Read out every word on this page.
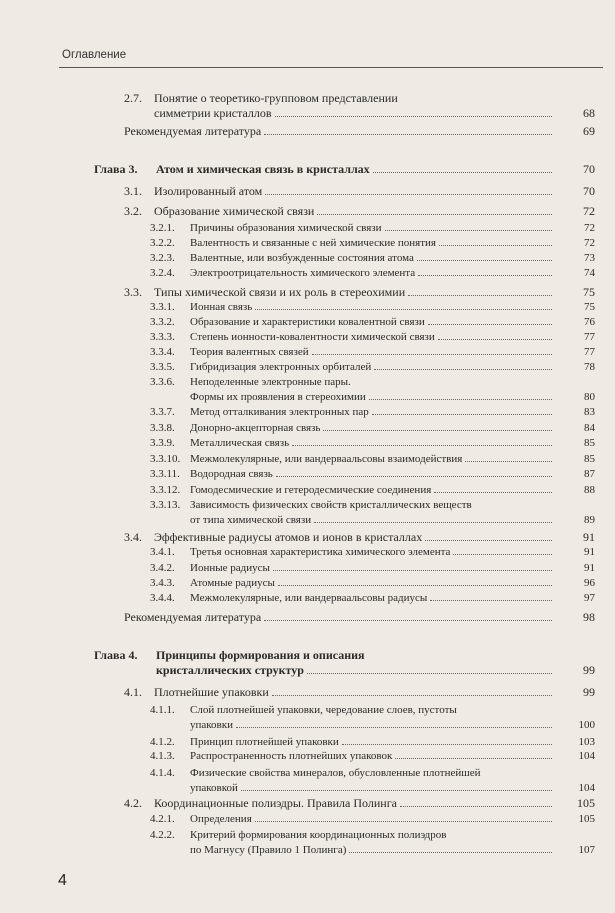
Оглавление
2.7. Понятие о теоретико-групповом представлении
симметрии кристаллов	68
Рекомендуемая литература	69
Глава 3. Атом и химическая связь в кристаллах	70
3.1. Изолированный атом	70
3.2. Образование химической связи	72
3.2.1. Причины образования химической связи	72
3.2.2. Валентность и связанные с ней химические понятия	72
3.2.3. Валентные, или возбужденные состояния атома	73
3.2.4. Электроотрицательность химического элемента	74
3.3. Типы химической связи и их роль в стереохимии	75
3.3.1. Ионная связь	75
3.3.2. Образование и характеристики ковалентной связи	76
3.3.3. Степень ионности-ковалентности химической связи	77
3.3.4. Теория валентных связей	77
3.3.5. Гибридизация электронных орбиталей	78
3.3.6. Неподеленные электронные пары.
Формы их проявления в стереохимии	80
3.3.7. Метод отталкивания электронных пар	83
3.3.8. Донорно-акцепторная связь	84
3.3.9. Металлическая связь	85
3.3.10. Межмолекулярные, или вандерваальсовы взаимодействия	85
3.3.11. Водородная связь	87
3.3.12. Гомодесмические и гетеродесмические соединения	88
3.3.13. Зависимость физических свойств кристаллических веществ
от типа химической связи	89
3.4. Эффективные радиусы атомов и ионов в кристаллах	91
3.4.1. Третья основная характеристика химического элемента	91
3.4.2. Ионные радиусы	91
3.4.3. Атомные радиусы	96
3.4.4. Межмолекулярные, или вандерваальсовы радиусы	97
Рекомендуемая литература	98
Глава 4. Принципы формирования и описания
кристаллических структур	99
4.1. Плотнейшие упаковки	99
4.1.1. Слой плотнейшей упаковки, чередование слоев, пустоты
упаковки	100
4.1.2. Принцип плотнейшей упаковки	103
4.1.3. Распространенность плотнейших упаковок	104
4.1.4. Физические свойства минералов, обусловленные плотнейшей
упаковкой	104
4.2. Координационные полиэдры. Правила Полинга	105
4.2.1. Определения	105
4.2.2. Критерий формирования координационных полиэдров
по Магнусу (Правило 1 Полинга)	107
4
